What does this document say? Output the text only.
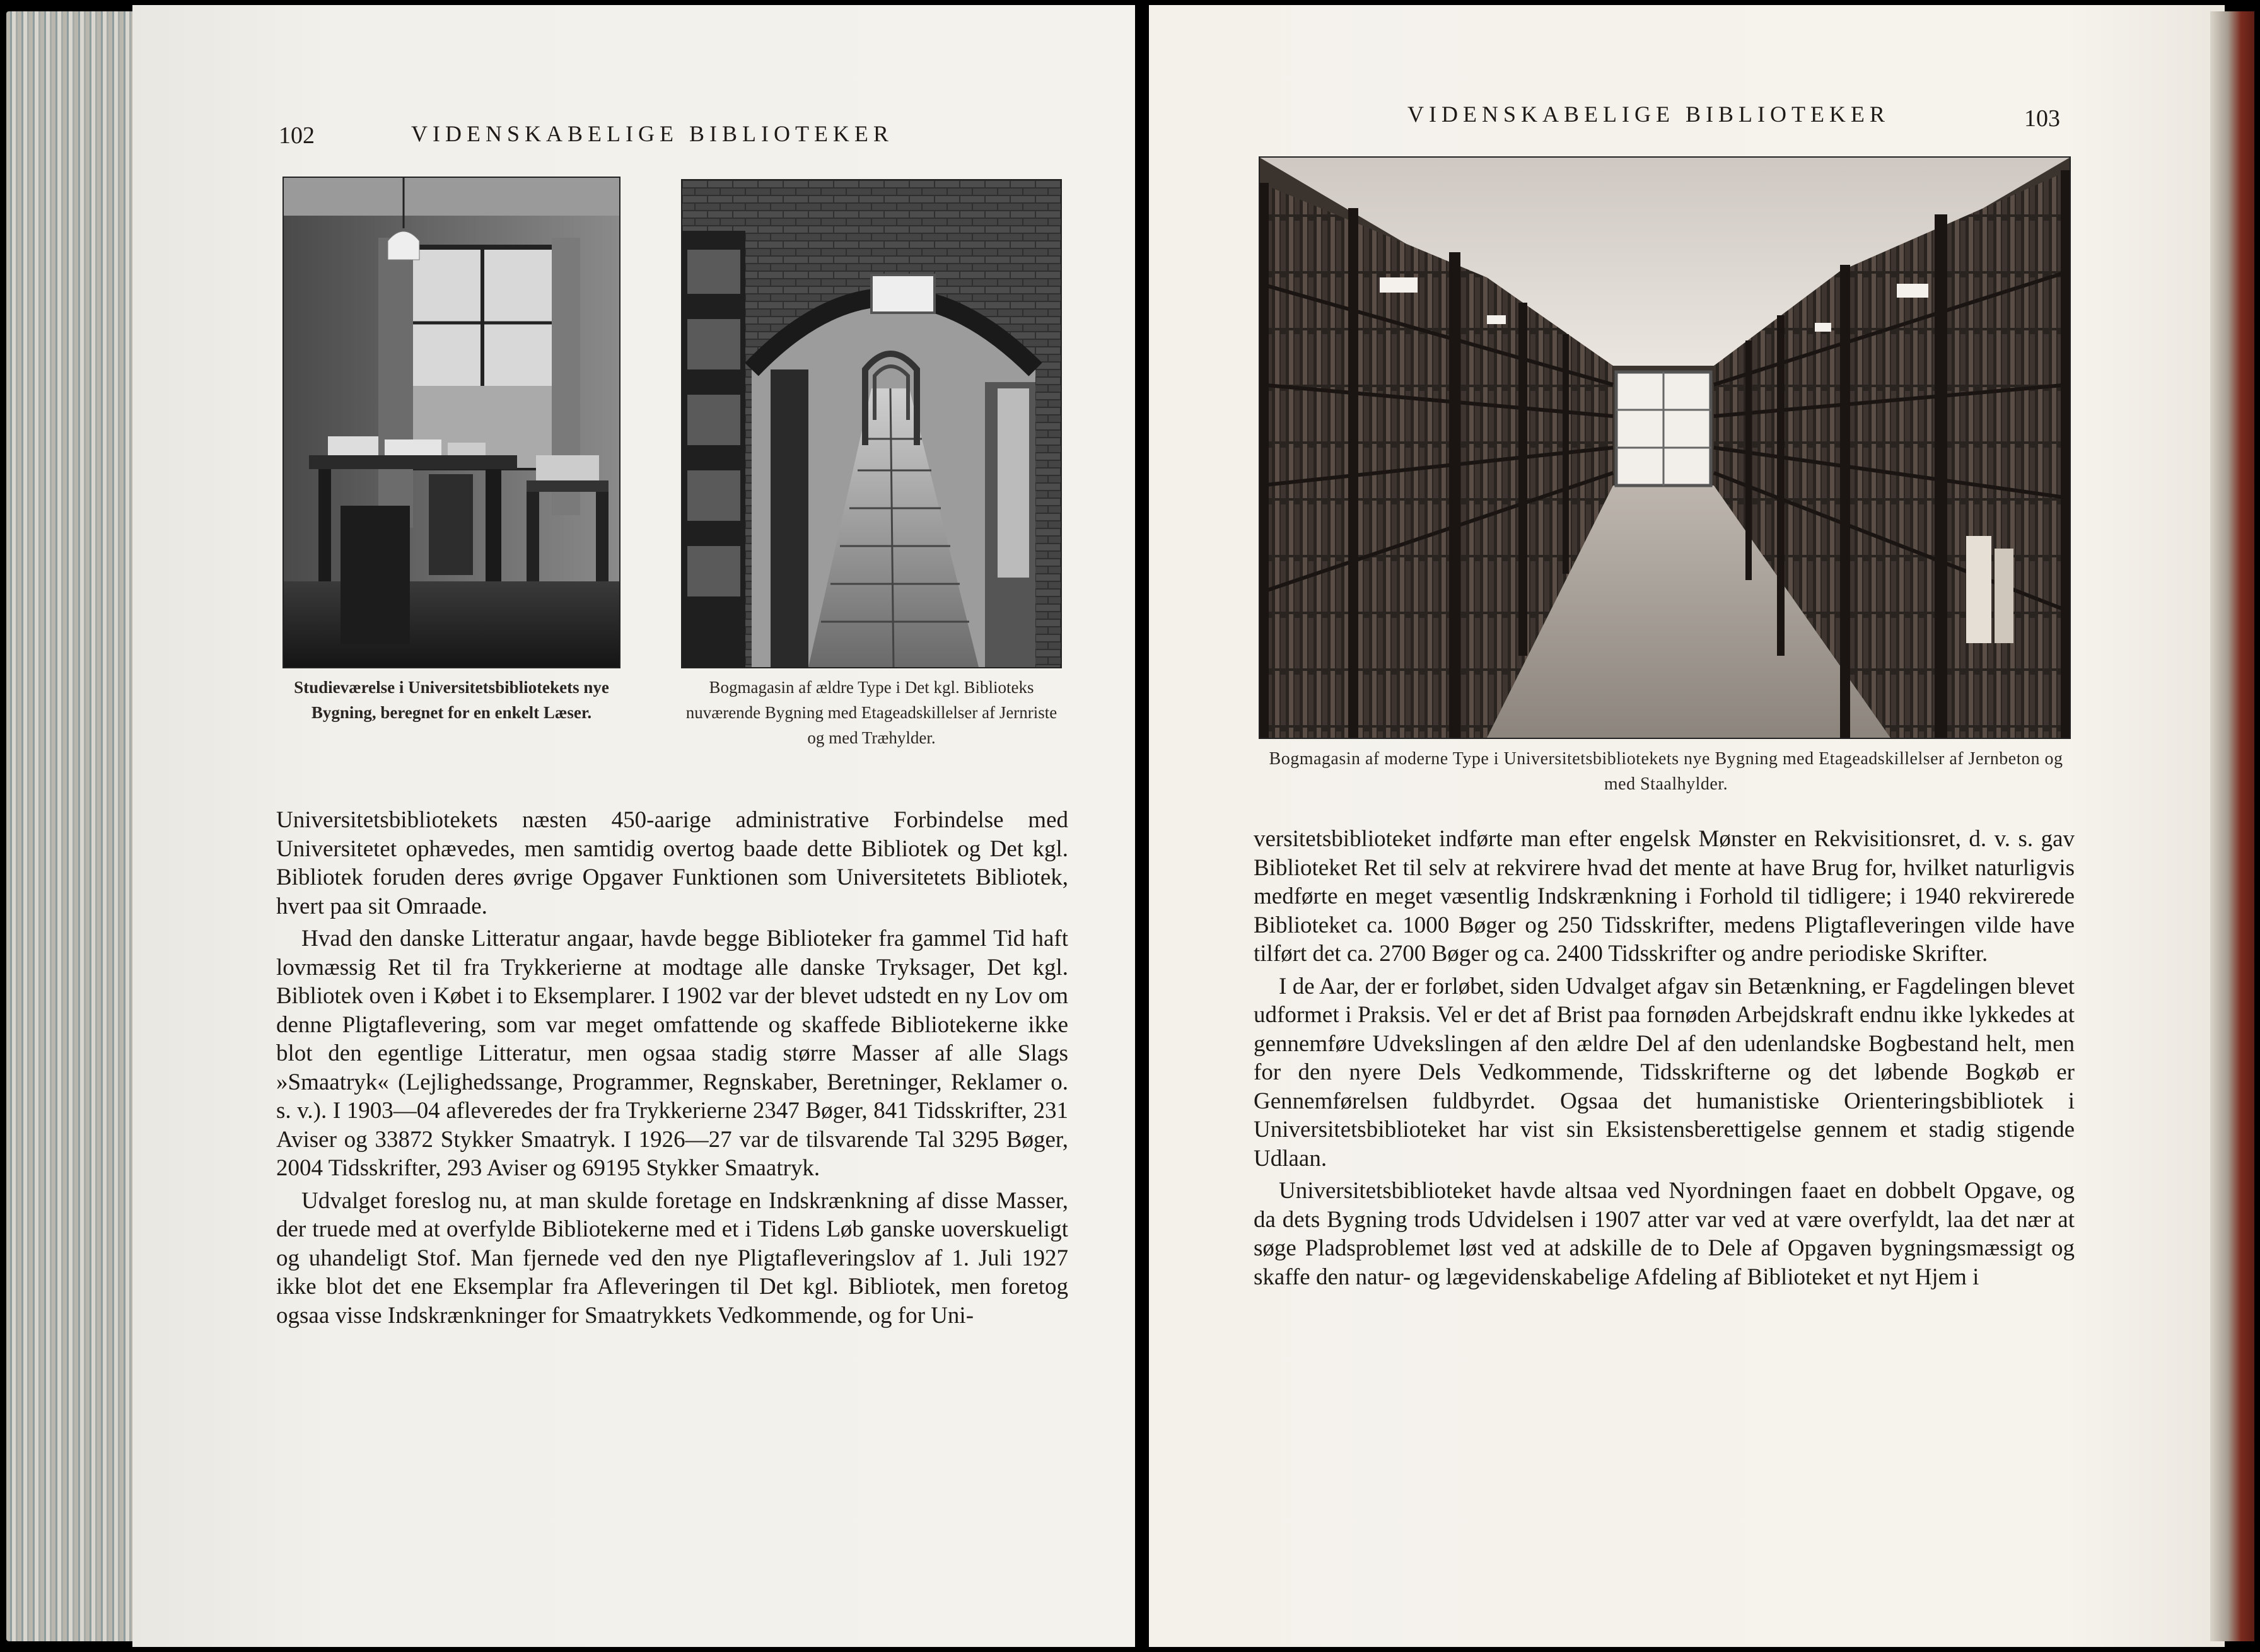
102	VIDENSKABELIGE BIBLIOTEKER
Studieværelse i Universitetsbibliotekets nye Bygning, beregnet for en enkelt Læser.
Bogmagasin af ældre Type i Det kgl. Biblioteks nuværende Bygning med Etageadskillelser af Jernriste og med Træhylder.

Universitetsbibliotekets næsten 450-aarige administrative Forbindelse med Universitetet ophævedes, men samtidig overtog baade dette Bibliotek og Det kgl. Bibliotek foruden deres øvrige Opgaver Funktionen som Universitetets Bibliotek, hvert paa sit Omraade.

Hvad den danske Litteratur angaar, havde begge Biblioteker fra gammel Tid haft lovmæssig Ret til fra Trykkerierne at modtage alle danske Tryksager, Det kgl. Bibliotek oven i Købet i to Eksemplarer. I 1902 var der blevet udstedt en ny Lov om denne Pligtaflevering, som var meget omfattende og skaffede Bibliotekerne ikke blot den egentlige Litteratur, men ogsaa stadig større Masser af alle Slags »Smaatryk« (Lejlighedssange, Programmer, Regnskaber, Beretninger, Reklamer o. s. v.). I 1903—04 afleveredes der fra Trykkerierne 2347 Bøger, 841 Tidsskrifter, 231 Aviser og 33872 Stykker Smaatryk. I 1926—27 var de tilsvarende Tal 3295 Bøger, 2004 Tidsskrifter, 293 Aviser og 69195 Stykker Smaatryk.

Udvalget foreslog nu, at man skulde foretage en Indskrænkning af disse Masser, der truede med at overfylde Bibliotekerne med et i Tidens Løb ganske uoverskueligt og uhandeligt Stof. Man fjernede ved den nye Pligtafleveringslov af 1. Juli 1927 ikke blot det ene Eksemplar fra Afleveringen til Det kgl. Bibliotek, men foretog ogsaa visse Indskrænkninger for Smaatrykkets Vedkommende, og for Uni-

VIDENSKABELIGE BIBLIOTEKER	103
Bogmagasin af moderne Type i Universitetsbibliotekets nye Bygning med Etageadskillelser af Jernbeton og med Staalhylder.

versitetsbiblioteket indførte man efter engelsk Mønster en Rekvisitionsret, d. v. s. gav Biblioteket Ret til selv at rekvirere hvad det mente at have Brug for, hvilket naturligvis medførte en meget væsentlig Indskrænkning i Forhold til tidligere; i 1940 rekvirerede Biblioteket ca. 1000 Bøger og 250 Tidsskrifter, medens Pligtafleveringen vilde have tilført det ca. 2700 Bøger og ca. 2400 Tidsskrifter og andre periodiske Skrifter.

I de Aar, der er forløbet, siden Udvalget afgav sin Betænkning, er Fagdelingen blevet udformet i Praksis. Vel er det af Brist paa fornøden Arbejdskraft endnu ikke lykkedes at gennemføre Udvekslingen af den ældre Del af den udenlandske Bogbestand helt, men for den nyere Dels Vedkommende, Tidsskrifterne og det løbende Bogkøb er Gennemførelsen fuldbyrdet. Ogsaa det humanistiske Orienteringsbibliotek i Universitetsbiblioteket har vist sin Eksistensberettigelse gennem et stadig stigende Udlaan.

Universitetsbiblioteket havde altsaa ved Nyordningen faaet en dobbelt Opgave, og da dets Bygning trods Udvidelsen i 1907 atter var ved at være overfyldt, laa det nær at søge Pladsproblemet løst ved at adskille de to Dele af Opgaven bygningsmæssigt og skaffe den natur- og lægevidenskabelige Afdeling af Biblioteket et nyt Hjem i
